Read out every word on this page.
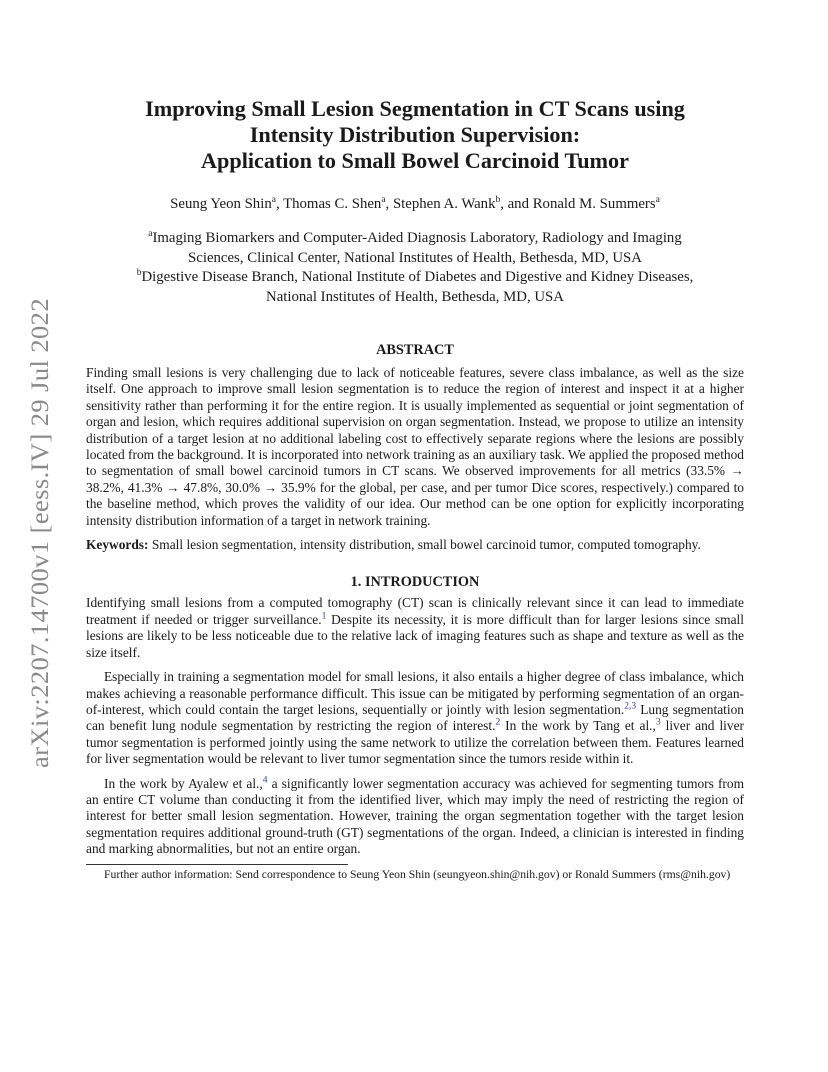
arXiv:2207.14700v1 [eess.IV] 29 Jul 2022
Improving Small Lesion Segmentation in CT Scans using
Intensity Distribution Supervision:
Application to Small Bowel Carcinoid Tumor
Seung Yeon Shin$^a$, Thomas C. Shen$^a$, Stephen A. Wank$^b$, and Ronald M. Summers$^a$
$^a$Imaging Biomarkers and Computer-Aided Diagnosis Laboratory, Radiology and Imaging
Sciences, Clinical Center, National Institutes of Health, Bethesda, MD, USA
$^b$Digestive Disease Branch, National Institute of Diabetes and Digestive and Kidney Diseases,
National Institutes of Health, Bethesda, MD, USA
ABSTRACT

Finding small lesions is very challenging due to lack of noticeable features, severe class imbalance, as well as the size itself. One approach to improve small lesion segmentation is to reduce the region of interest and inspect it at a higher sensitivity rather than performing it for the entire region. It is usually implemented as sequential or joint segmentation of organ and lesion, which requires additional supervision on organ segmentation. Instead, we propose to utilize an intensity distribution of a target lesion at no additional labeling cost to effectively separate regions where the lesions are possibly located from the background. It is incorporated into network training as an auxiliary task. We applied the proposed method to segmentation of small bowel carcinoid tumors in CT scans. We observed improvements for all metrics (33.5% → 38.2%, 41.3% → 47.8%, 30.0% → 35.9% for the global, per case, and per tumor Dice scores, respectively.) compared to the baseline method, which proves the validity of our idea. Our method can be one option for explicitly incorporating intensity distribution information of a target in network training.

Keywords: Small lesion segmentation, intensity distribution, small bowel carcinoid tumor, computed tomography.

1. INTRODUCTION

Identifying small lesions from a computed tomography (CT) scan is clinically relevant since it can lead to immediate treatment if needed or trigger surveillance.$^1$ Despite its necessity, it is more difficult than for larger lesions since small lesions are likely to be less noticeable due to the relative lack of imaging features such as shape and texture as well as the size itself.

Especially in training a segmentation model for small lesions, it also entails a higher degree of class imbalance, which makes achieving a reasonable performance difficult. This issue can be mitigated by performing segmentation of an organ-of-interest, which could contain the target lesions, sequentially or jointly with lesion segmentation.$^{2,3}$ Lung segmentation can benefit lung nodule segmentation by restricting the region of interest.$^2$ In the work by Tang et al.,$^3$ liver and liver tumor segmentation is performed jointly using the same network to utilize the correlation between them. Features learned for liver segmentation would be relevant to liver tumor segmentation since the tumors reside within it.

In the work by Ayalew et al.,$^4$ a significantly lower segmentation accuracy was achieved for segmenting tumors from an entire CT volume than conducting it from the identified liver, which may imply the need of restricting the region of interest for better small lesion segmentation. However, training the organ segmentation together with the target lesion segmentation requires additional ground-truth (GT) segmentations of the organ. Indeed, a clinician is interested in finding and marking abnormalities, but not an entire organ.

Further author information: Send correspondence to Seung Yeon Shin (seungyeon.shin@nih.gov) or Ronald Summers (rms@nih.gov)
